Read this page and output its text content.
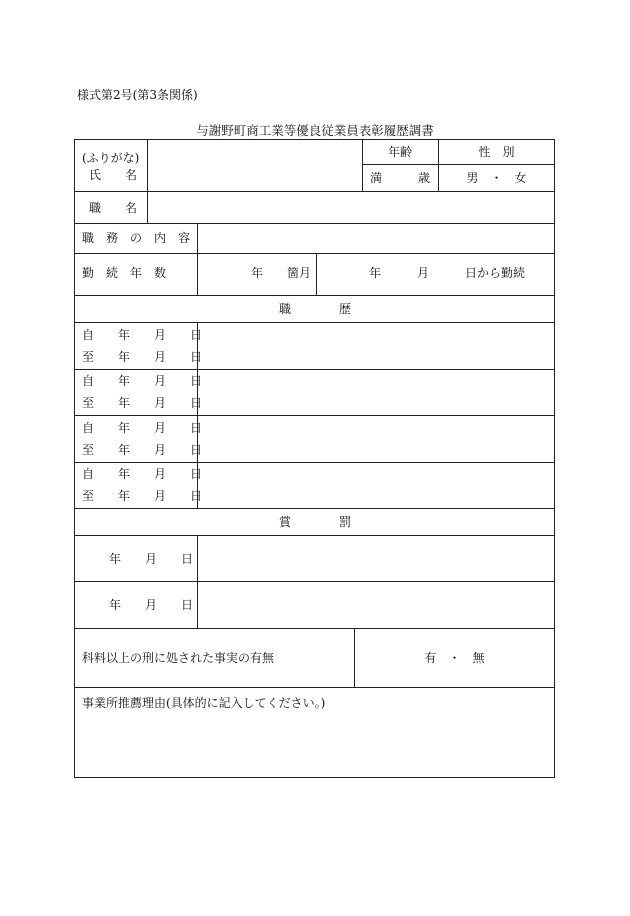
様式第2号(第3条関係)
与謝野町商工業等優良従業員表彰履歴調書
(ふりがな)
氏　　名
年齢	性　別
満　　　歳	男　・　女
職　　名
職　務　の　内　容
勤　続　年　数	年　　箇月	年　　　月　　　日から勤続
職　　　　歴
自　　年　　月　　日
至　　年　　月　　日
自　　年　　月　　日
至　　年　　月　　日
自　　年　　月　　日
至　　年　　月　　日
自　　年　　月　　日
至　　年　　月　　日
賞　　　　罰
年　　月　　日
年　　月　　日
科料以上の刑に処された事実の有無	有　・　無
事業所推薦理由(具体的に記入してください。)
